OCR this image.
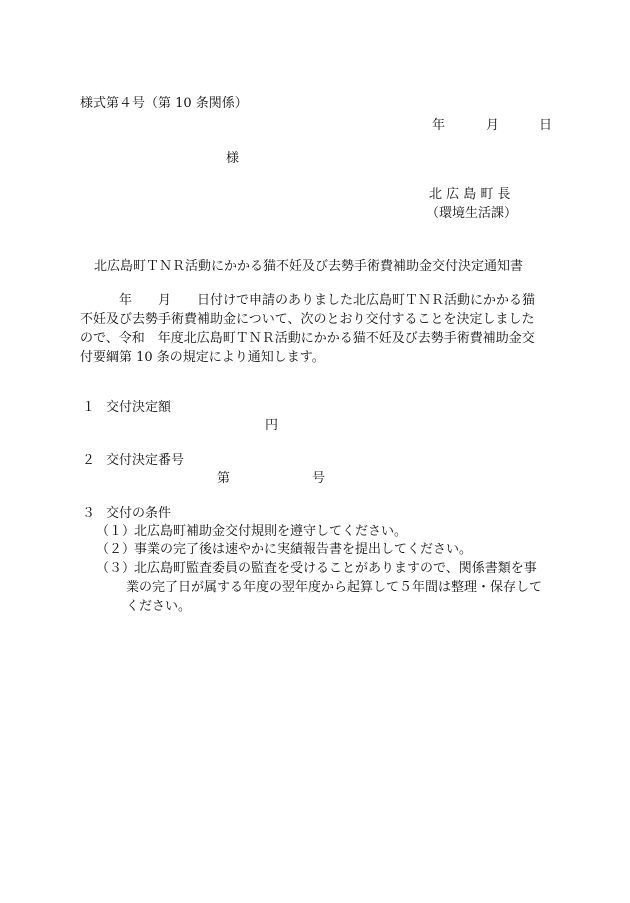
様式第４号（第 10 条関係）
年	月	日
様
北 広 島 町 長
（環境生活課）
北広島町ＴＮＲ活動にかかる猫不妊及び去勢手術費補助金交付決定通知書
　　　年　　月　　日付けで申請のありました北広島町ＴＮＲ活動にかかる猫
不妊及び去勢手術費補助金について、次のとおり交付することを決定しました
ので、令和　年度北広島町ＴＮＲ活動にかかる猫不妊及び去勢手術費補助金交
付要綱第 10 条の規定により通知します。
１ 交付決定額
円
２ 交付決定番号
第	号
３ 交付の条件
（１）
北広島町補助金交付規則を遵守してください。
（２）
事業の完了後は速やかに実績報告書を提出してください。
（３）
北広島町監査委員の監査を受けることがありますので、関係書類を事
業の完了日が属する年度の翌年度から起算して５年間は整理・保存して
ください。
